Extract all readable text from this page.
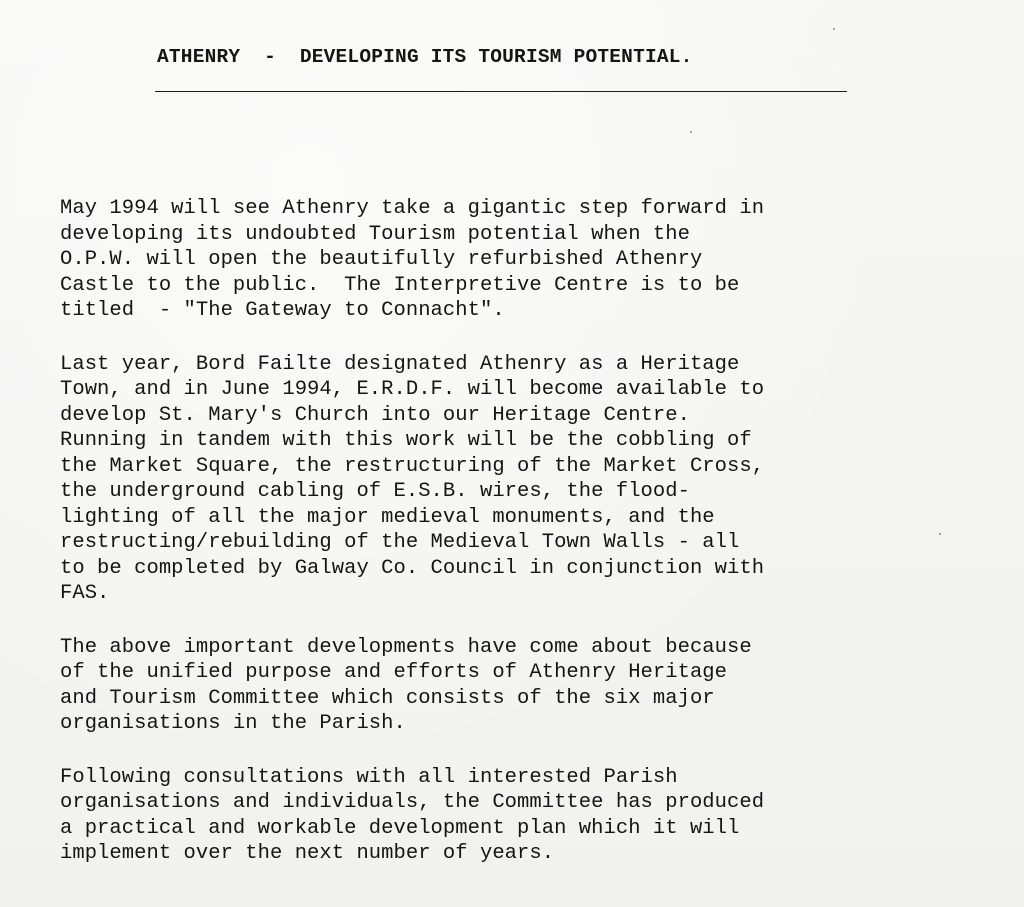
ATHENRY  -  DEVELOPING ITS TOURISM POTENTIAL.

May 1994 will see Athenry take a gigantic step forward in
developing its undoubted Tourism potential when the
O.P.W. will open the beautifully refurbished Athenry
Castle to the public.  The Interpretive Centre is to be
titled  - "The Gateway to Connacht".

Last year, Bord Failte designated Athenry as a Heritage
Town, and in June 1994, E.R.D.F. will become available to
develop St. Mary's Church into our Heritage Centre.
Running in tandem with this work will be the cobbling of
the Market Square, the restructuring of the Market Cross,
the underground cabling of E.S.B. wires, the flood-
lighting of all the major medieval monuments, and the
restructing/rebuilding of the Medieval Town Walls - all
to be completed by Galway Co. Council in conjunction with
FAS.

The above important developments have come about because
of the unified purpose and efforts of Athenry Heritage
and Tourism Committee which consists of the six major
organisations in the Parish.

Following consultations with all interested Parish
organisations and individuals, the Committee has produced
a practical and workable development plan which it will
implement over the next number of years.
